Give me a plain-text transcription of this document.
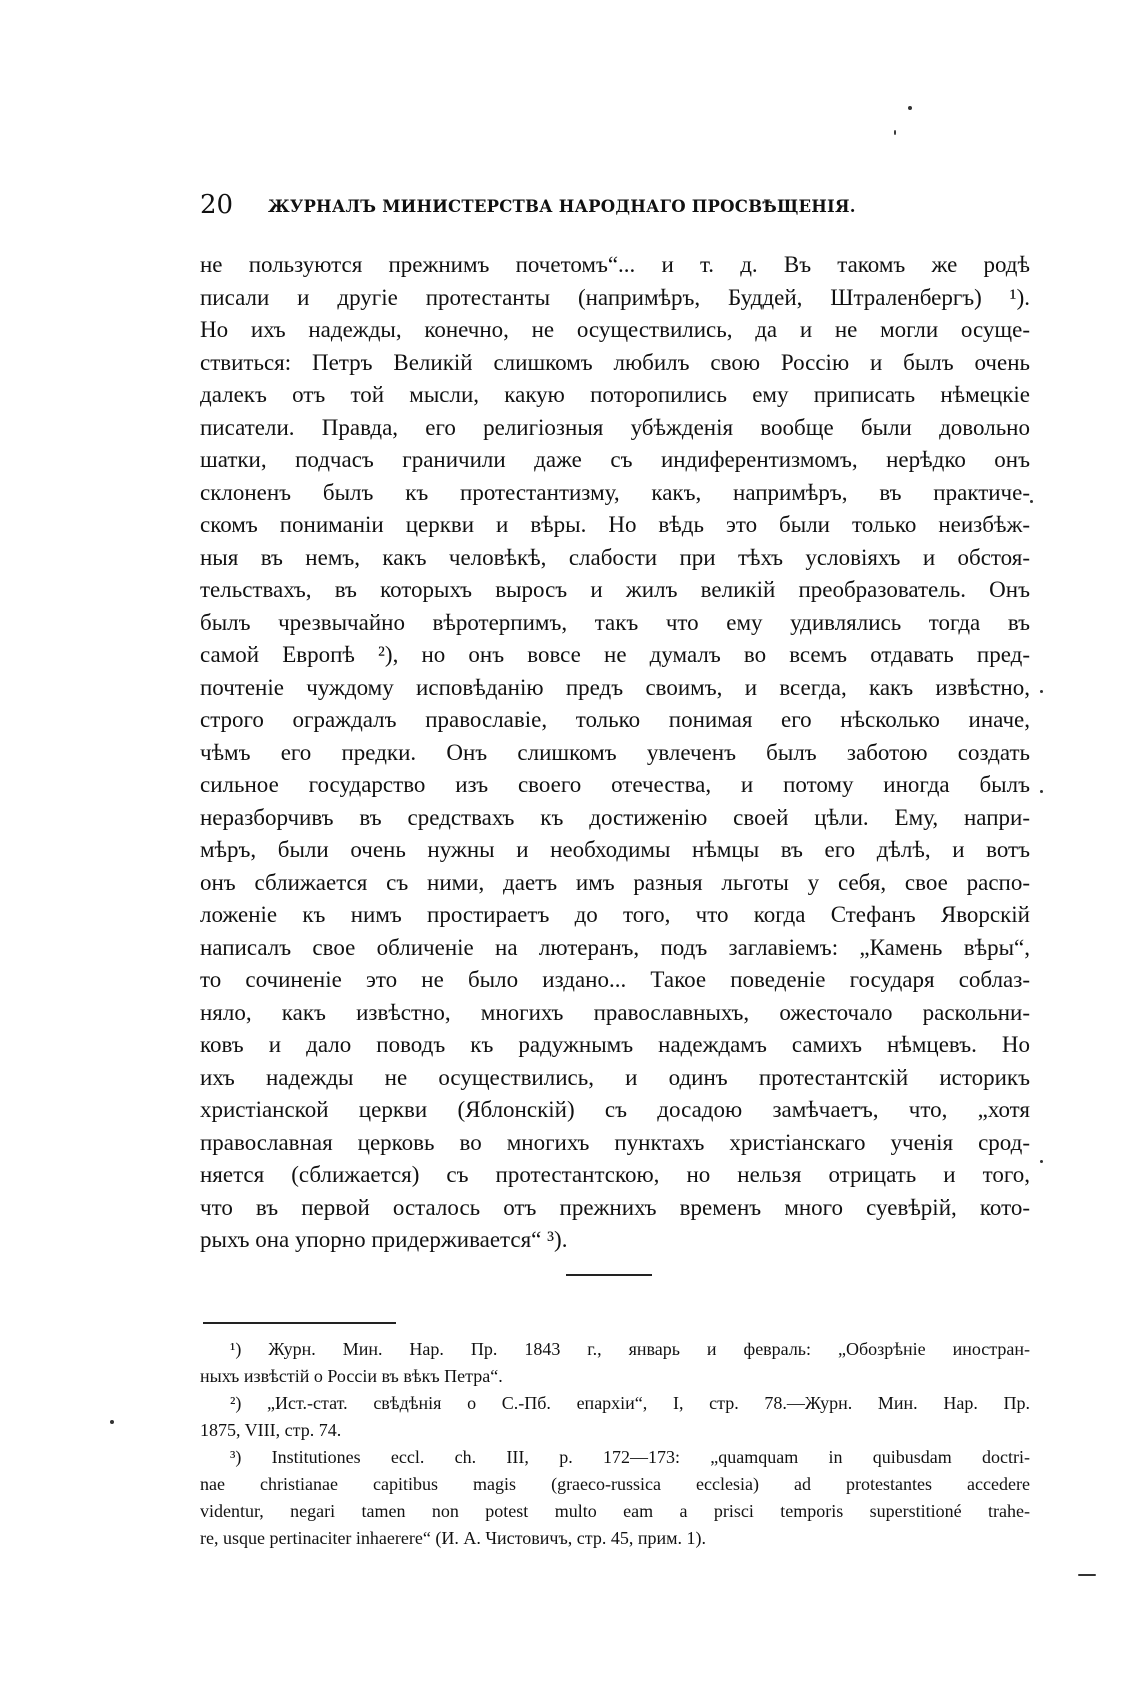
20 ЖУРНАЛЪ МИНИСТЕРСТВА НАРОДНАГО ПРОСВѢЩЕНІЯ.
не пользуются прежнимъ почетомъ“... и т. д. Въ такомъ же родѣ
писали и другіе протестанты (напримѣръ, Буддей, Штраленбергъ) ¹).
Но ихъ надежды, конечно, не осуществились, да и не могли осуще-
ствиться: Петръ Великій слишкомъ любилъ свою Россію и былъ очень
далекъ отъ той мысли, какую поторопились ему приписать нѣмецкіе
писатели. Правда, его религіозныя убѣжденія вообще были довольно
шатки, подчасъ граничили даже съ индиферентизмомъ, нерѣдко онъ
склоненъ былъ къ протестантизму, какъ, напримѣръ, въ практиче-
скомъ пониманіи церкви и вѣры. Но вѣдь это были только неизбѣж-
ныя въ немъ, какъ человѣкѣ, слабости при тѣхъ условіяхъ и обстоя-
тельствахъ, въ которыхъ выросъ и жилъ великій преобразователь. Онъ
былъ чрезвычайно вѣротерпимъ, такъ что ему удивлялись тогда въ
самой Европѣ ²), но онъ вовсе не думалъ во всемъ отдавать пред-
почтеніе чуждому исповѣданію предъ своимъ, и всегда, какъ извѣстно,
строго ограждалъ православіе, только понимая его нѣсколько иначе,
чѣмъ его предки. Онъ слишкомъ увлеченъ былъ заботою создать
сильное государство изъ своего отечества, и потому иногда былъ
неразборчивъ въ средствахъ къ достиженію своей цѣли. Ему, напри-
мѣръ, были очень нужны и необходимы нѣмцы въ его дѣлѣ, и вотъ
онъ сближается съ ними, даетъ имъ разныя льготы у себя, свое распо-
ложеніе къ нимъ простираетъ до того, что когда Стефанъ Яворскій
написалъ свое обличеніе на лютеранъ, подъ заглавіемъ: „Камень вѣры“,
то сочиненіе это не было издано... Такое поведеніе государя соблаз-
няло, какъ извѣстно, многихъ православныхъ, ожесточало раскольни-
ковъ и дало поводъ къ радужнымъ надеждамъ самихъ нѣмцевъ. Но
ихъ надежды не осуществились, и одинъ протестантскій историкъ
христіанской церкви (Яблонскій) съ досадою замѣчаетъ, что, „хотя
православная церковь во многихъ пунктахъ христіанскаго ученія срод-
няется (сближается) съ протестантскою, но нельзя отрицать и того,
что въ первой осталось отъ прежнихъ временъ много суевѣрій, кото-
рыхъ она упорно придерживается“ ³).
¹) Журн. Мин. Нар. Пр. 1843 г., январь и февраль: „Обозрѣніе иностран-
ныхъ извѣстій о Россіи въ вѣкъ Петра“.
²) „Ист.-стат. свѣдѣнія о С.-Пб. епархіи“, I, стр. 78.—Журн. Мин. Нар. Пр.
1875, VIII, стр. 74.
³) Institutiones eccl. ch. III, p. 172—173: „quamquam in quibusdam doctri-
nae christianae capitibus magis (graeco-russica ecclesia) ad protestantes accedere
videntur, negari tamen non potest multo eam a prisci temporis superstitioné trahe-
re, usque pertinaciter inhaerere“ (И. А. Чистовичъ, стр. 45, прим. 1).
